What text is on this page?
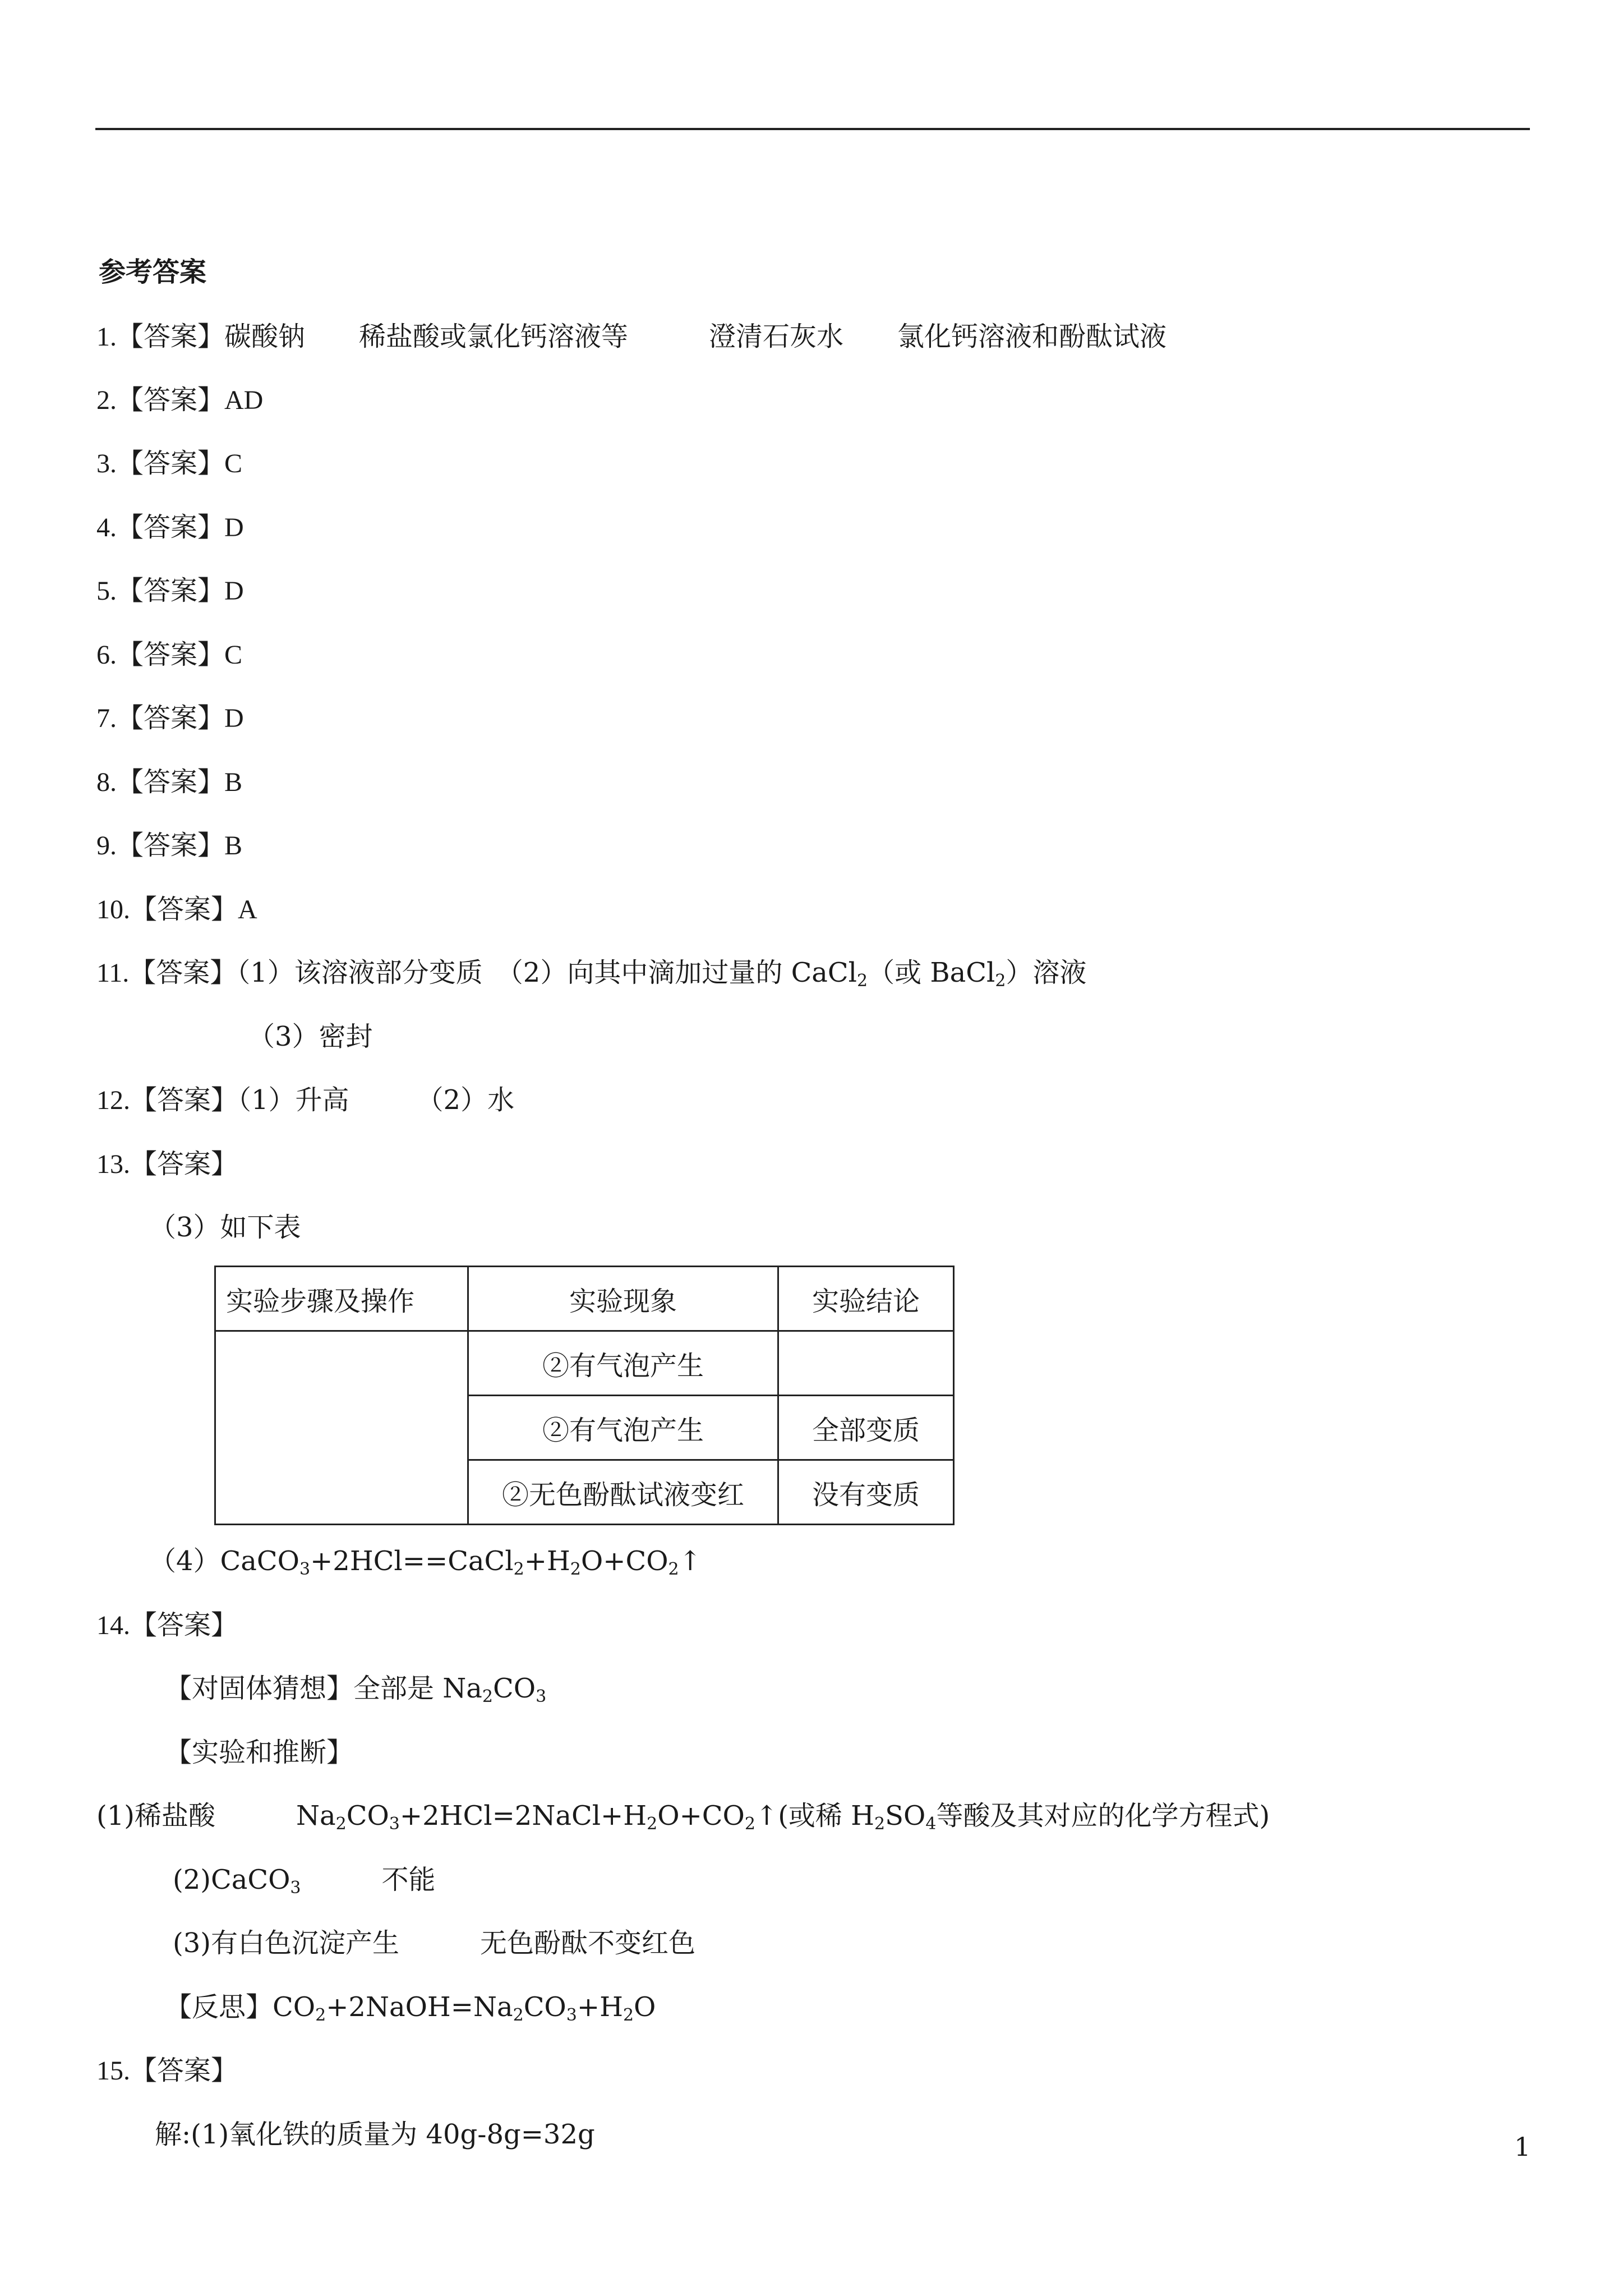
参考答案
1.【答案】碳酸钠　　稀盐酸或氯化钙溶液等　　　澄清石灰水　　氯化钙溶液和酚酞试液
2.【答案】AD
3.【答案】C
4.【答案】D
5.【答案】D
6.【答案】C
7.【答案】D
8.【答案】B
9.【答案】B
10.【答案】A
11.【答案】（1）该溶液部分变质　（2）向其中滴加过量的 CaCl$_2$（或 BaCl$_2$）溶液
（3）密封
12.【答案】（1）升高　　　（2）水
13.【答案】
（3）如下表
实验步骤及操作	实验现象	实验结论
	②有气泡产生	
	②有气泡产生	全部变质
	②无色酚酞试液变红	没有变质
$(4)CaCO_3+2HCl==CaCl_2+H_2O+CO_2↑$
14.【答案】
【对固体猜想】全部是 $Na_2CO_3$
【实验和推断】
(1)稀盐酸　　　$Na_2CO_3+2HCl=2NaCl+H_2O+CO_2↑$(或稀 $H_2SO_4$等酸及其对应的化学方程式)
(2)CaCO$_3$　　　不能
(3)有白色沉淀产生　　　无色酚酞不变红色
【反思】$CO_2+2NaOH=Na_2CO_3+H_2O$
15.【答案】
解:(1)氧化铁的质量为 40g-8g=32g	1
